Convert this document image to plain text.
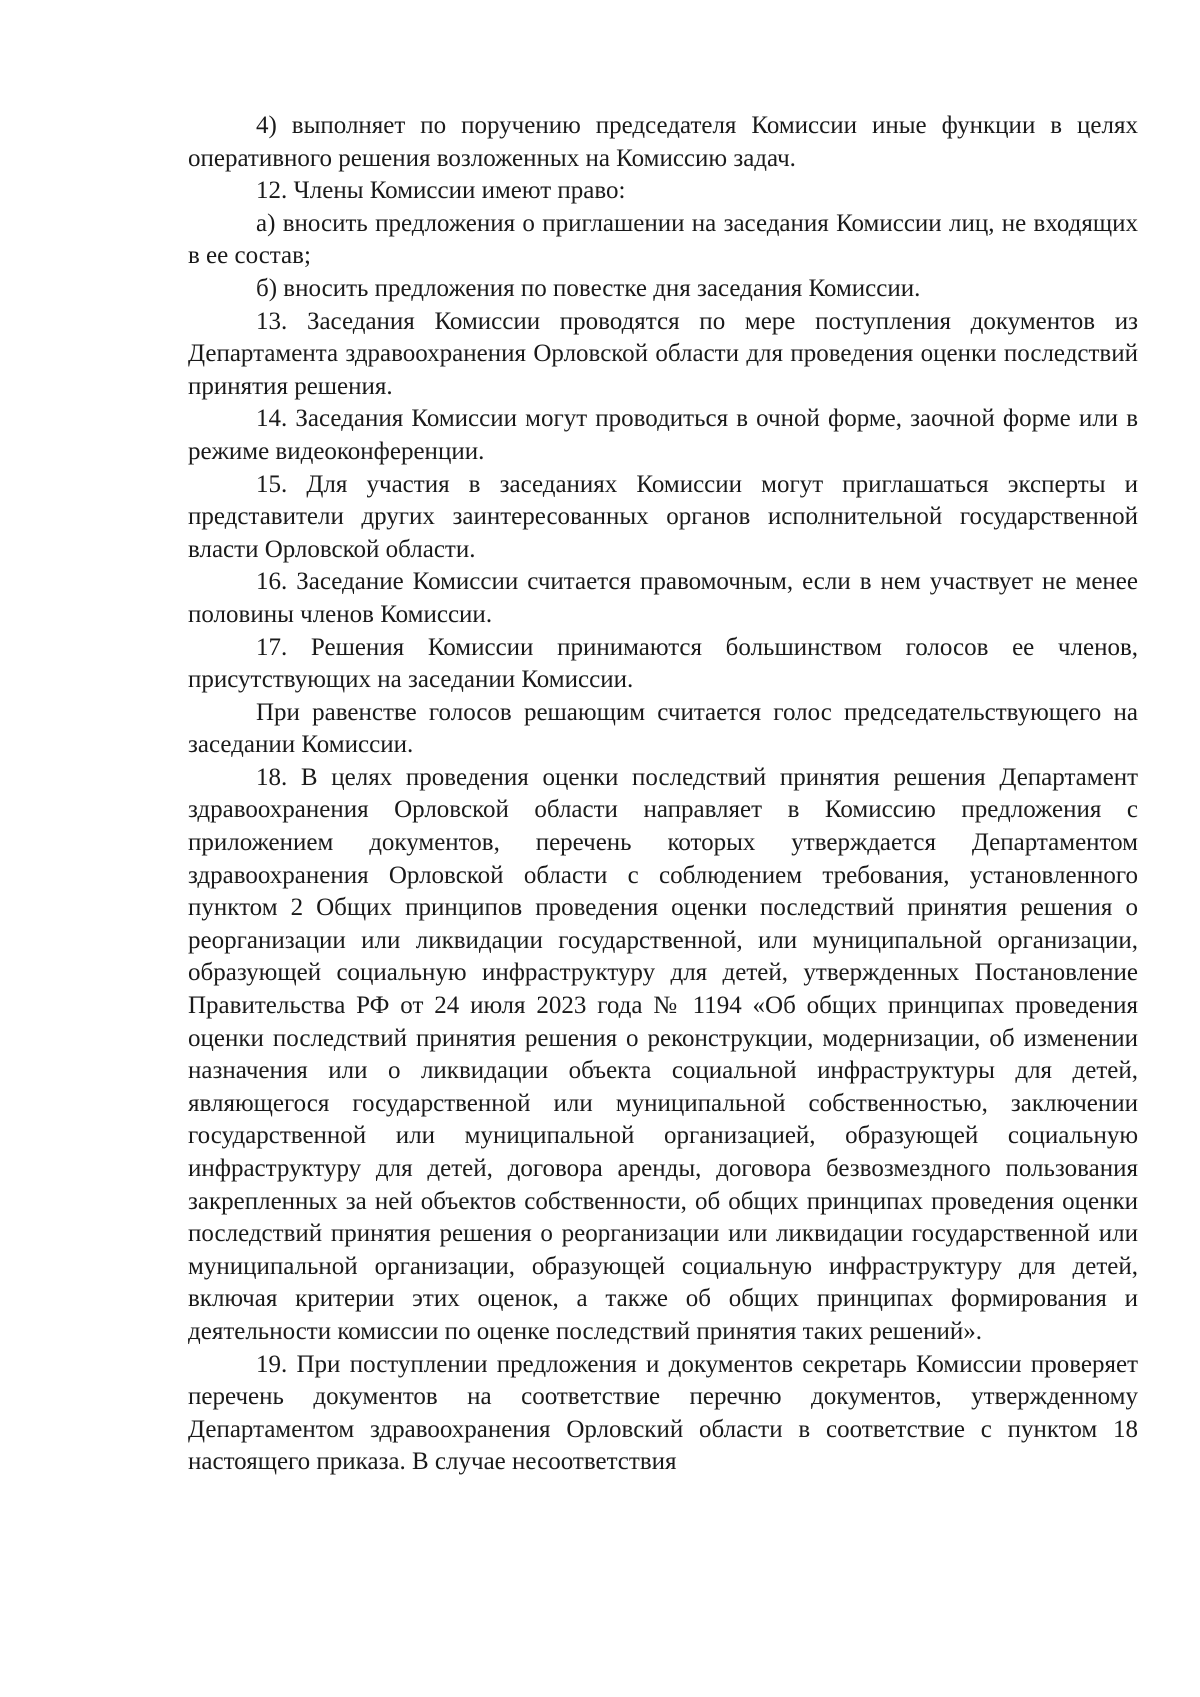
4) выполняет по поручению председателя Комиссии иные функции в целях оперативного решения возложенных на Комиссию задач.

12. Члены Комиссии имеют право:

а) вносить предложения о приглашении на заседания Комиссии лиц, не входящих в ее состав;

б) вносить предложения по повестке дня заседания Комиссии.

13. Заседания Комиссии проводятся по мере поступления документов из Департамента здравоохранения Орловской области для проведения оценки последствий принятия решения.

14. Заседания Комиссии могут проводиться в очной форме, заочной форме или в режиме видеоконференции.

15. Для участия в заседаниях Комиссии могут приглашаться эксперты и представители других заинтересованных органов исполнительной государственной власти Орловской области.

16. Заседание Комиссии считается правомочным, если в нем участвует не менее половины членов Комиссии.

17. Решения Комиссии принимаются большинством голосов ее членов, присутствующих на заседании Комиссии.

При равенстве голосов решающим считается голос председательствующего на заседании Комиссии.

18. В целях проведения оценки последствий принятия решения Департамент здравоохранения Орловской области направляет в Комиссию предложения с приложением документов, перечень которых утверждается Департаментом здравоохранения Орловской области с соблюдением требования, установленного пунктом 2 Общих принципов проведения оценки последствий принятия решения о реорганизации или ликвидации государственной, или муниципальной организации, образующей социальную инфраструктуру для детей, утвержденных Постановление Правительства РФ от 24 июля 2023 года № 1194 «Об общих принципах проведения оценки последствий принятия решения о реконструкции, модернизации, об изменении назначения или о ликвидации объекта социальной инфраструктуры для детей, являющегося государственной или муниципальной собственностью, заключении государственной или муниципальной организацией, образующей социальную инфраструктуру для детей, договора аренды, договора безвозмездного пользования закрепленных за ней объектов собственности, об общих принципах проведения оценки последствий принятия решения о реорганизации или ликвидации государственной или муниципальной организации, образующей социальную инфраструктуру для детей, включая критерии этих оценок, а также об общих принципах формирования и деятельности комиссии по оценке последствий принятия таких решений».

19. При поступлении предложения и документов секретарь Комиссии проверяет перечень документов на соответствие перечню документов, утвержденному Департаментом здравоохранения Орловский области в соответствие с пунктом 18 настоящего приказа. В случае несоответствия
